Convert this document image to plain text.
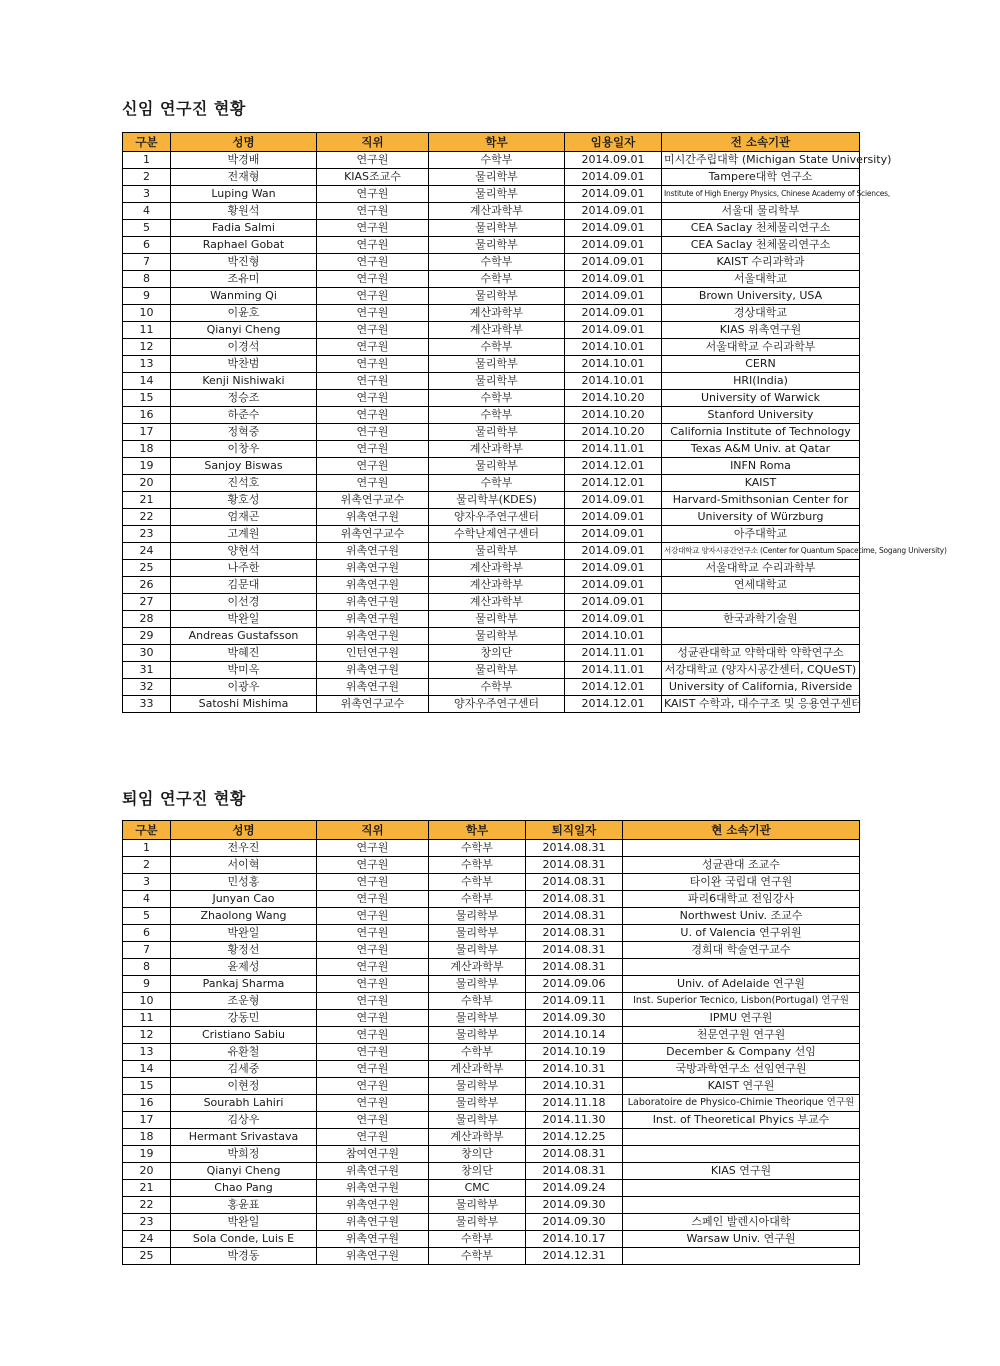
신임 연구진 현황
구분	성명	직위	학부	임용일자	전 소속기관
1	박경배	연구원	수학부	2014.09.01	미시간주립대학 (Michigan State University)
2	전재형	KIAS조교수	물리학부	2014.09.01	Tampere대학 연구소
3	Luping Wan	연구원	물리학부	2014.09.01	Institute of High Energy Physics, Chinese Academy of Sciences,
4	황원석	연구원	계산과학부	2014.09.01	서울대 물리학부
5	Fadia Salmi	연구원	물리학부	2014.09.01	CEA Saclay 천체물리연구소
6	Raphael Gobat	연구원	물리학부	2014.09.01	CEA Saclay 천체물리연구소
7	박진형	연구원	수학부	2014.09.01	KAIST 수리과학과
8	조유미	연구원	수학부	2014.09.01	서울대학교
9	Wanming Qi	연구원	물리학부	2014.09.01	Brown University, USA
10	이윤호	연구원	계산과학부	2014.09.01	경상대학교
11	Qianyi Cheng	연구원	계산과학부	2014.09.01	KIAS 위촉연구원
12	이경석	연구원	수학부	2014.10.01	서울대학교 수리과학부
13	박찬범	연구원	물리학부	2014.10.01	CERN
14	Kenji Nishiwaki	연구원	물리학부	2014.10.01	HRI(India)
15	정승조	연구원	수학부	2014.10.20	University of Warwick
16	하준수	연구원	수학부	2014.10.20	Stanford University
17	정혁중	연구원	물리학부	2014.10.20	California Institute of Technology
18	이창우	연구원	계산과학부	2014.11.01	Texas A&M Univ. at Qatar
19	Sanjoy Biswas	연구원	물리학부	2014.12.01	INFN Roma
20	진석호	연구원	수학부	2014.12.01	KAIST
21	황호성	위촉연구교수	물리학부(KDES)	2014.09.01	Harvard-Smithsonian Center for
22	엄재곤	위촉연구원	양자우주연구센터	2014.09.01	University of Würzburg
23	고계원	위촉연구교수	수학난제연구센터	2014.09.01	아주대학교
24	양현석	위촉연구원	물리학부	2014.09.01	서강대학교 양자시공간연구소 (Center for Quantum Spacetime, Sogang University)
25	나주한	위촉연구원	계산과학부	2014.09.01	서울대학교 수리과학부
26	김문대	위촉연구원	계산과학부	2014.09.01	연세대학교
27	이선경	위촉연구원	계산과학부	2014.09.01	
28	박완일	위촉연구원	물리학부	2014.09.01	한국과학기술원
29	Andreas Gustafsson	위촉연구원	물리학부	2014.10.01	
30	박혜진	인턴연구원	창의단	2014.11.01	성균관대학교 약학대학 약학연구소
31	박미옥	위촉연구원	물리학부	2014.11.01	서강대학교 (양자시공간센터, CQUeST)
32	이광우	위촉연구원	수학부	2014.12.01	University of California, Riverside
33	Satoshi Mishima	위촉연구교수	양자우주연구센터	2014.12.01	KAIST 수학과, 대수구조 및 응용연구센터
퇴임 연구진 현황
구분	성명	직위	학부	퇴직일자	현 소속기관
1	전우진	연구원	수학부	2014.08.31	
2	서이혁	연구원	수학부	2014.08.31	성균관대 조교수
3	민성홍	연구원	수학부	2014.08.31	타이완 국립대 연구원
4	Junyan Cao	연구원	수학부	2014.08.31	파리6대학교 전임강사
5	Zhaolong Wang	연구원	물리학부	2014.08.31	Northwest Univ. 조교수
6	박완일	연구원	물리학부	2014.08.31	U. of Valencia 연구위원
7	황정선	연구원	물리학부	2014.08.31	경희대 학술연구교수
8	윤제성	연구원	계산과학부	2014.08.31	
9	Pankaj Sharma	연구원	물리학부	2014.09.06	Univ. of Adelaide 연구원
10	조운형	연구원	수학부	2014.09.11	Inst. Superior Tecnico, Lisbon(Portugal) 연구원
11	강동민	연구원	물리학부	2014.09.30	IPMU 연구원
12	Cristiano Sabiu	연구원	물리학부	2014.10.14	천문연구원 연구원
13	유환철	연구원	수학부	2014.10.19	December & Company 선임
14	김세중	연구원	계산과학부	2014.10.31	국방과학연구소 선임연구원
15	이현정	연구원	물리학부	2014.10.31	KAIST 연구원
16	Sourabh Lahiri	연구원	물리학부	2014.11.18	Laboratoire de Physico-Chimie Theorique 연구원
17	김상우	연구원	물리학부	2014.11.30	Inst. of Theoretical Phyics 부교수
18	Hermant Srivastava	연구원	계산과학부	2014.12.25	
19	박희정	참여연구원	창의단	2014.08.31	
20	Qianyi Cheng	위촉연구원	창의단	2014.08.31	KIAS 연구원
21	Chao Pang	위촉연구원	CMC	2014.09.24	
22	홍윤표	위촉연구원	물리학부	2014.09.30	
23	박완일	위촉연구원	물리학부	2014.09.30	스페인 발렌시아대학
24	Sola Conde, Luis E	위촉연구원	수학부	2014.10.17	Warsaw Univ. 연구원
25	박경동	위촉연구원	수학부	2014.12.31	
